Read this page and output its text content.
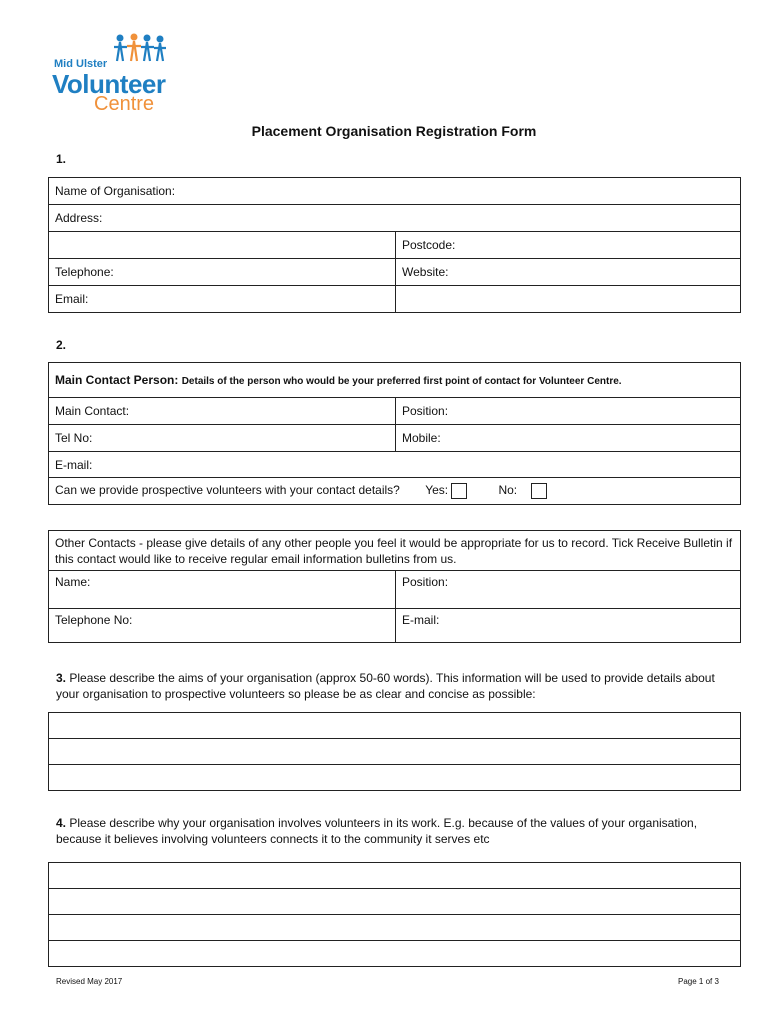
Mid Ulster
Volunteer
Centre
Placement Organisation Registration Form
1.
Name of Organisation:	
Address:	
	Postcode:
Telephone:	Website:
Email:	
2.
Main Contact Person: Details of the person who would be your preferred first point of contact for Volunteer Centre.	
Main Contact:	Position:
Tel No:	Mobile:
E-mail:	
Can we provide prospective volunteers with your contact details? Yes: No:	
Other Contacts - please give details of any other people you feel it would be appropriate for us to record. Tick Receive Bulletin if this contact would like to receive regular email information bulletins from us.	
Name:	Position:
Telephone No:	E-mail:
3. Please describe the aims of your organisation (approx 50-60 words). This information will be used to provide details about your organisation to prospective volunteers so please be as clear and concise as possible:

4. Please describe why your organisation involves volunteers in its work. E.g. because of the values of your organisation, because it believes involving volunteers connects it to the community it serves etc

Revised May 2017	Page 1 of 3
